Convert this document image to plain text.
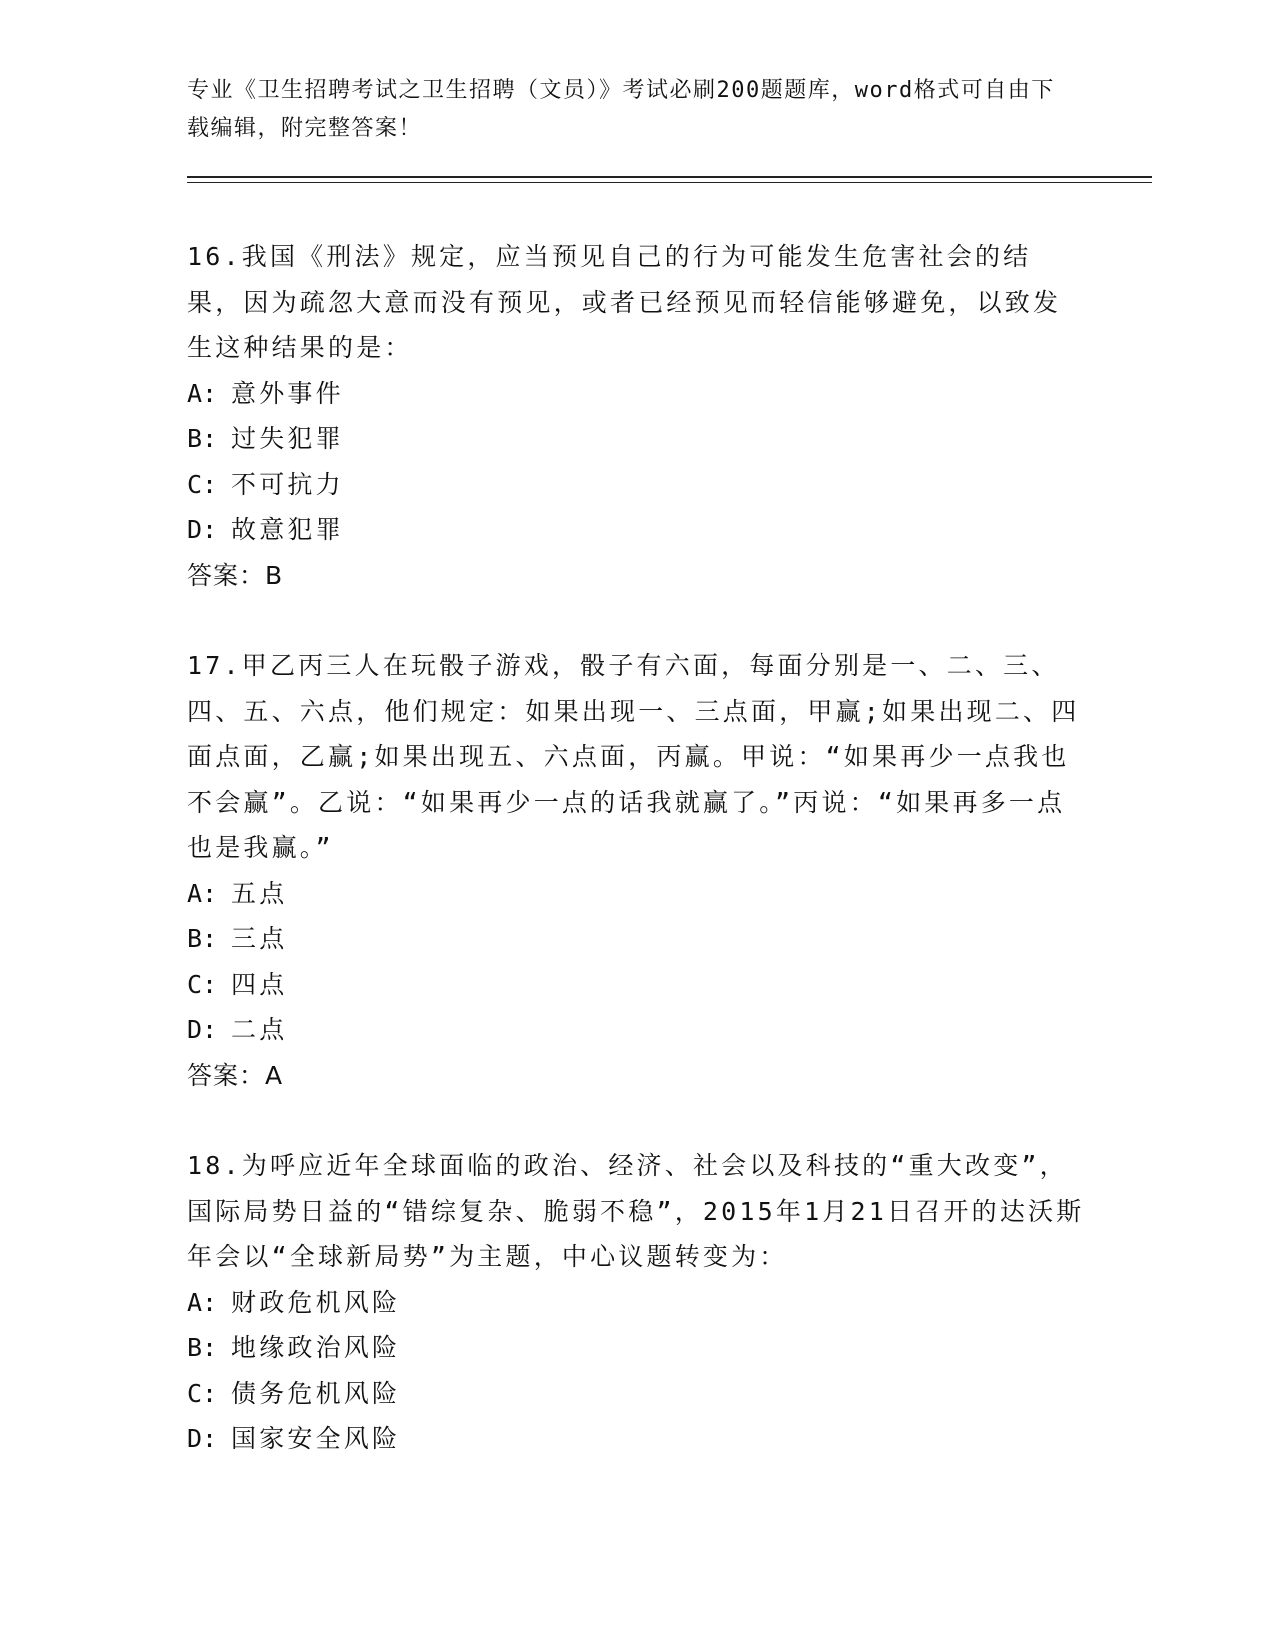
专业《卫生招聘考试之卫生招聘（文员）》考试必刷200题题库，word格式可自由下载编辑，附完整答案！

16.我国《刑法》规定，应当预见自己的行为可能发生危害社会的结果，因为疏忽大意而没有预见，或者已经预见而轻信能够避免，以致发生这种结果的是：

A: 意外事件

B: 过失犯罪

C: 不可抗力

D: 故意犯罪

答案：B

17.甲乙丙三人在玩骰子游戏，骰子有六面，每面分别是一、二、三、四、五、六点，他们规定：如果出现一、三点面，甲赢;如果出现二、四面点面，乙赢;如果出现五、六点面，丙赢。甲说：“如果再少一点我也不会赢”。乙说：“如果再少一点的话我就赢了。”丙说：“如果再多一点也是我赢。”

A: 五点

B: 三点

C: 四点

D: 二点

答案：A

18.为呼应近年全球面临的政治、经济、社会以及科技的“重大改变”，国际局势日益的“错综复杂、脆弱不稳”，2015年1月21日召开的达沃斯年会以“全球新局势”为主题，中心议题转变为：

A: 财政危机风险

B: 地缘政治风险

C: 债务危机风险

D: 国家安全风险
